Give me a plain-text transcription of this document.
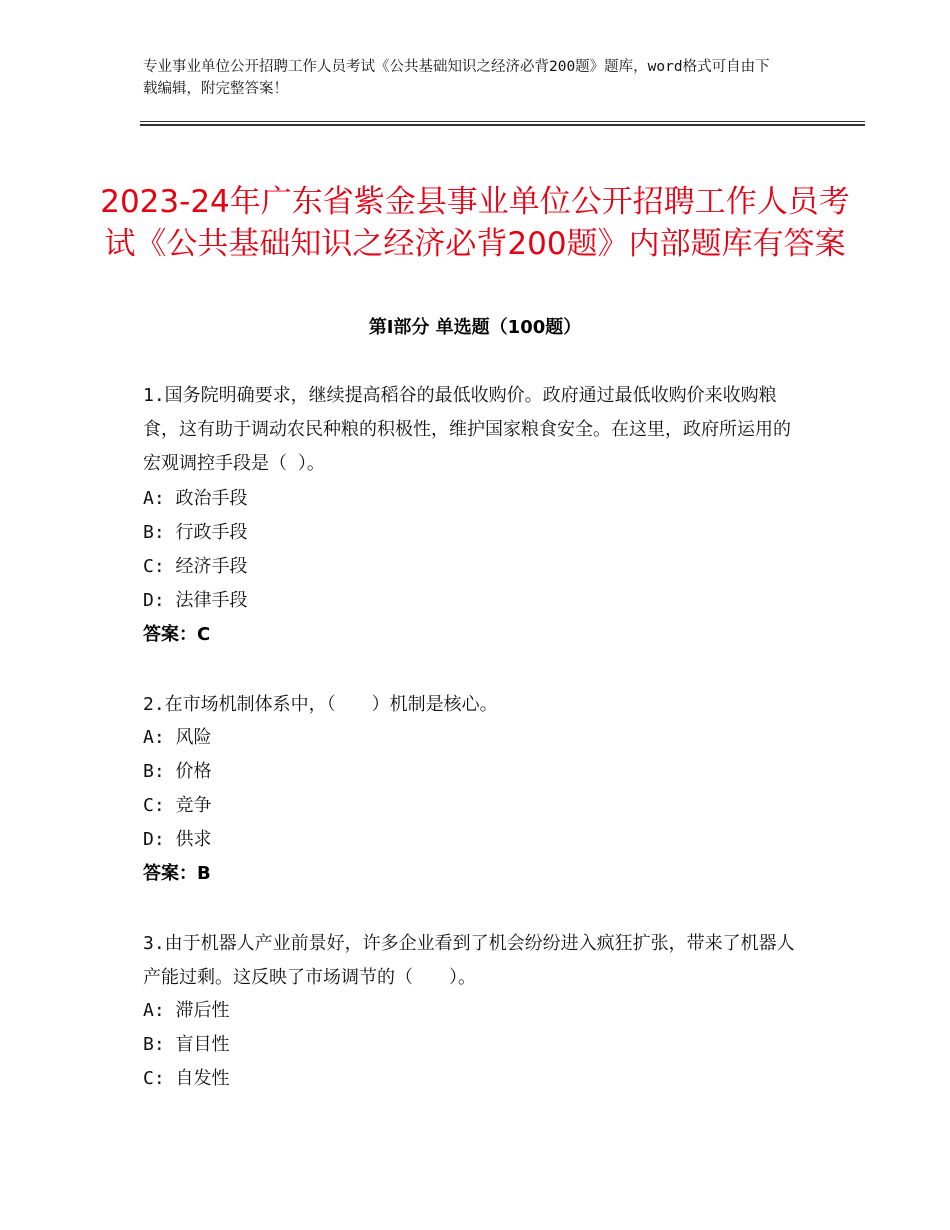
专业事业单位公开招聘工作人员考试《公共基础知识之经济必背200题》题库，word格式可自由下载编辑，附完整答案！
2023-24年广东省紫金县事业单位公开招聘工作人员考试《公共基础知识之经济必背200题》内部题库有答案
第Ⅰ部分 单选题（100题）
1.国务院明确要求，继续提高稻谷的最低收购价。政府通过最低收购价来收购粮食，这有助于调动农民种粮的积极性，维护国家粮食安全。在这里，政府所运用的宏观调控手段是（ ）。
A: 政治手段
B: 行政手段
C: 经济手段
D: 法律手段
答案：C
2.在市场机制体系中，（　　）机制是核心。
A: 风险
B: 价格
C: 竞争
D: 供求
答案：B
3.由于机器人产业前景好，许多企业看到了机会纷纷进入疯狂扩张，带来了机器人产能过剩。这反映了市场调节的（　　）。
A: 滞后性
B: 盲目性
C: 自发性
